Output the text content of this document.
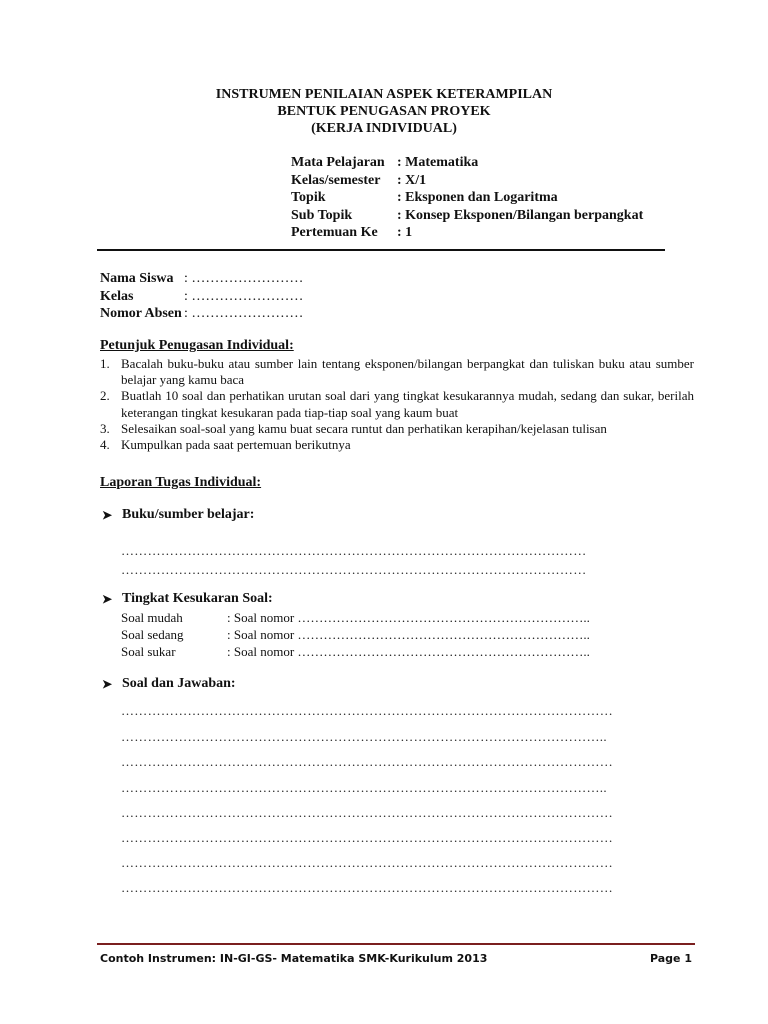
INSTRUMEN PENILAIAN ASPEK KETERAMPILAN
BENTUK PENUGASAN PROYEK
(KERJA INDIVIDUAL)
Mata Pelajaran : Matematika
Kelas/semester	: X/1
Topik	: Eksponen dan Logaritma
Sub Topik	: Konsep Eksponen/Bilangan berpangkat
Pertemuan Ke	: 1
Nama Siswa : ……………………
Kelas	: ……………………
Nomor Absen : ……………………
Petunjuk Penugasan Individual:
1. Bacalah buku-buku atau sumber lain tentang eksponen/bilangan berpangkat dan tuliskan buku atau sumber belajar yang kamu baca
2. Buatlah 10 soal dan perhatikan urutan soal dari yang tingkat kesukarannya mudah, sedang dan sukar, berilah keterangan tingkat kesukaran pada tiap-tiap soal yang kaum buat
3. Selesaikan soal-soal yang kamu buat secara runtut dan perhatikan kerapihan/kejelasan tulisan
4. Kumpulkan pada saat pertemuan berikutnya
Laporan Tugas Individual:
➤ Buku/sumber belajar:
……………………………………………………………………………………………
……………………………………………………………………………………………
➤ Tingkat Kesukaran Soal:
Soal mudah	: Soal nomor …………………………………………………………..
Soal sedang	: Soal nomor …………………………………………………………..
Soal sukar	: Soal nomor …………………………………………………………..
➤ Soal dan Jawaban:
…………………………………………………………………………………………………
………………………………………………………………………………………………..
…………………………………………………………………………………………………
………………………………………………………………………………………………..
…………………………………………………………………………………………………
…………………………………………………………………………………………………
…………………………………………………………………………………………………
…………………………………………………………………………………………………
Contoh Instrumen: IN-GI-GS- Matematika SMK-Kurikulum 2013	Page 1
